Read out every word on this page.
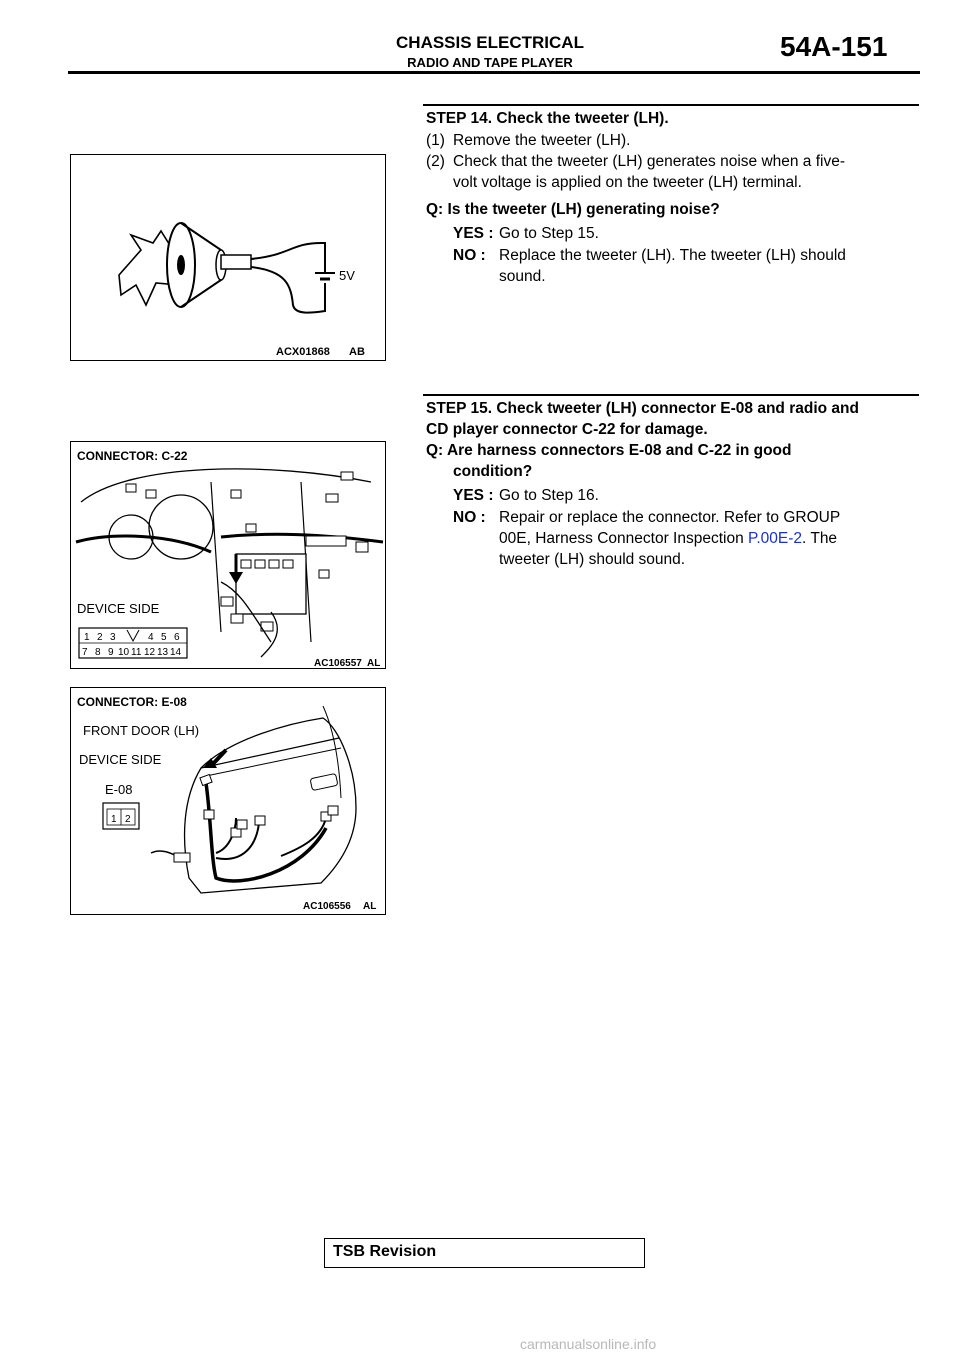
CHASSIS ELECTRICAL
RADIO AND TAPE PLAYER
54A-151
STEP 14. Check the tweeter (LH).
(1) Remove the tweeter (LH).
(2) Check that the tweeter (LH) generates noise when a five-
volt voltage is applied on the tweeter (LH) terminal.
Q: Is the tweeter (LH) generating noise?
YES : Go to Step 15.
NO : Replace the tweeter (LH). The tweeter (LH) should
sound.
STEP 15. Check tweeter (LH) connector E-08 and radio and
CD player connector C-22 for damage.
Q: Are harness connectors E-08 and C-22 in good
condition?
YES : Go to Step 16.
NO : Repair or replace the connector. Refer to GROUP
00E, Harness Connector Inspection P.00E-2. The
tweeter (LH) should sound.
5V
ACX01868 AB
CONNECTOR: C-22
DEVICE SIDE
1 2 3	4 5 6
7 8 9 10 11 12 13 14
AC106557 AL
CONNECTOR: E-08
FRONT DOOR (LH)
DEVICE SIDE
E-08
1 2
AC106556 AL
TSB Revision
carmanualsonline.info
